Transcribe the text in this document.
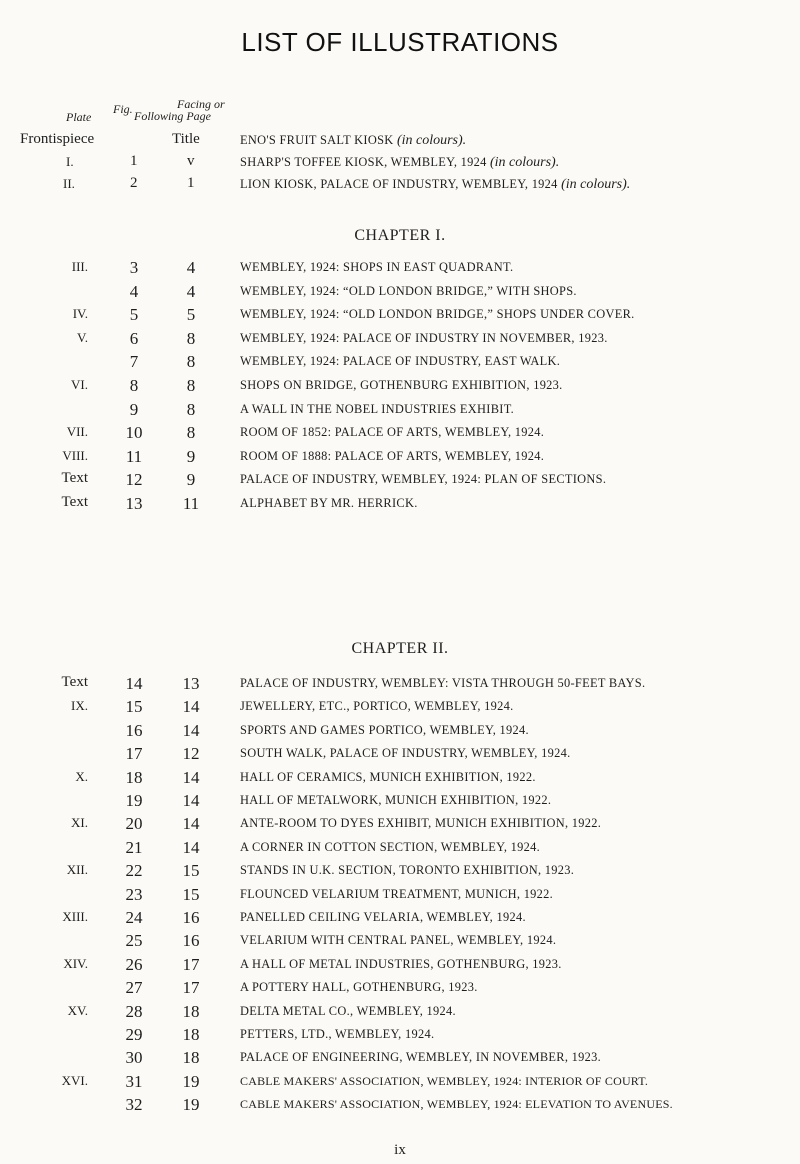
LIST OF ILLUSTRATIONS
Plate
Fig.	Facing or
Following Page
Frontispiece	Title	ENO'S FRUIT SALT KIOSK (in colours).
I.	1	v	SHARP'S TOFFEE KIOSK, WEMBLEY, 1924 (in colours).
II.	2	1	LION KIOSK, PALACE OF INDUSTRY, WEMBLEY, 1924 (in colours).
CHAPTER I.
III.	3	4	WEMBLEY, 1924: SHOPS IN EAST QUADRANT.
4	4	WEMBLEY, 1924: “OLD LONDON BRIDGE,” WITH SHOPS.
IV.	5	5	WEMBLEY, 1924: “OLD LONDON BRIDGE,” SHOPS UNDER COVER.
V.	6	8	WEMBLEY, 1924: PALACE OF INDUSTRY IN NOVEMBER, 1923.
7	8	WEMBLEY, 1924: PALACE OF INDUSTRY, EAST WALK.
VI.	8	8	SHOPS ON BRIDGE, GOTHENBURG EXHIBITION, 1923.
9	8	A WALL IN THE NOBEL INDUSTRIES EXHIBIT.
VII.	10	8	ROOM OF 1852: PALACE OF ARTS, WEMBLEY, 1924.
VIII.	11	9	ROOM OF 1888: PALACE OF ARTS, WEMBLEY, 1924.
Text	12	9	PALACE OF INDUSTRY, WEMBLEY, 1924: PLAN OF SECTIONS.
Text	13	11	ALPHABET BY MR. HERRICK.
CHAPTER II.
Text	14	13	PALACE OF INDUSTRY, WEMBLEY: VISTA THROUGH 50-FEET BAYS.
IX.	15	14	JEWELLERY, ETC., PORTICO, WEMBLEY, 1924.
16	14	SPORTS AND GAMES PORTICO, WEMBLEY, 1924.
17	12	SOUTH WALK, PALACE OF INDUSTRY, WEMBLEY, 1924.
X.	18	14	HALL OF CERAMICS, MUNICH EXHIBITION, 1922.
19	14	HALL OF METALWORK, MUNICH EXHIBITION, 1922.
XI.	20	14	ANTE-ROOM TO DYES EXHIBIT, MUNICH EXHIBITION, 1922.
21	14	A CORNER IN COTTON SECTION, WEMBLEY, 1924.
XII.	22	15	STANDS IN U.K. SECTION, TORONTO EXHIBITION, 1923.
23	15	FLOUNCED VELARIUM TREATMENT, MUNICH, 1922.
XIII.	24	16	PANELLED CEILING VELARIA, WEMBLEY, 1924.
25	16	VELARIUM WITH CENTRAL PANEL, WEMBLEY, 1924.
XIV.	26	17	A HALL OF METAL INDUSTRIES, GOTHENBURG, 1923.
27	17	A POTTERY HALL, GOTHENBURG, 1923.
XV.	28	18	DELTA METAL CO., WEMBLEY, 1924.
29	18	PETTERS, LTD., WEMBLEY, 1924.
30	18	PALACE OF ENGINEERING, WEMBLEY, IN NOVEMBER, 1923.
XVI.	31	19	CABLE MAKERS' ASSOCIATION, WEMBLEY, 1924: INTERIOR OF COURT.
32	19	CABLE MAKERS' ASSOCIATION, WEMBLEY, 1924: ELEVATION TO AVENUES.
ix
